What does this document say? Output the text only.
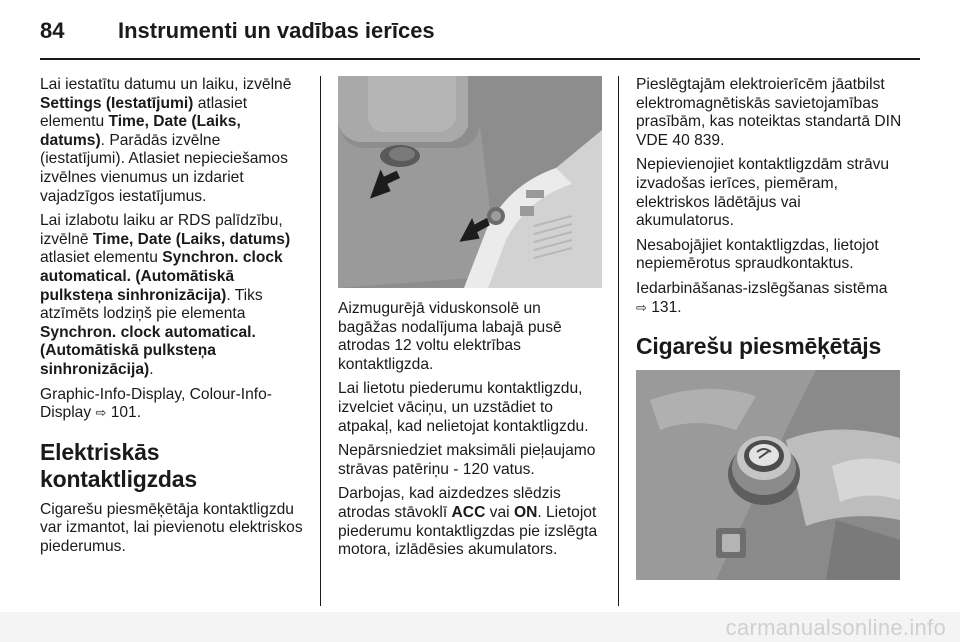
84 Instrumenti un vadības ierīces

Lai iestatītu datumu un laiku, izvēlnē Settings (Iestatījumi) atlasiet elementu Time, Date (Laiks, datums). Parādās izvēlne (iestatījumi). Atlasiet nepieciešamos izvēlnes vienumus un izdariet vajadzīgos iestatījumus.

Lai izlabotu laiku ar RDS palīdzību, izvēlnē Time, Date (Laiks, datums) atlasiet elementu Synchron. clock automatical. (Automātiskā pulksteņa sinhronizācija). Tiks atzīmēts lodziņš pie elementa Synchron. clock automatical. (Automātiskā pulksteņa sinhronizācija).

Graphic-Info-Display, Colour-Info-Display ⇨ 101.

Elektriskās kontaktligzdas

Cigarešu piesmēķētāja kontaktligzdu var izmantot, lai pievienotu elektriskos piederumus.

Aizmugurējā viduskonsolē un bagāžas nodalījuma labajā pusē atrodas 12 voltu elektrības kontaktligzda.

Lai lietotu piederumu kontaktligzdu, izvelciet vāciņu, un uzstādiet to atpakaļ, kad nelietojat kontaktligzdu.

Nepārsniedziet maksimāli pieļaujamo strāvas patēriņu - 120 vatus.

Darbojas, kad aizdedzes slēdzis atrodas stāvoklī ACC vai ON. Lietojot piederumu kontaktligzdas pie izslēgta motora, izlādēsies akumulators.

Pieslēgtajām elektroierīcēm jāatbilst elektromagnētiskās savietojamības prasībām, kas noteiktas standartā DIN VDE 40 839.

Nepievienojiet kontaktligzdām strāvu izvadošas ierīces, piemēram, elektriskos lādētājus vai akumulatorus.

Nesabojājiet kontaktligzdas, lietojot nepiemērotus spraudkontaktus.

Iedarbināšanas-izslēgšanas sistēma ⇨ 131.

Cigarešu piesmēķētājs
carmanualsonline.info
